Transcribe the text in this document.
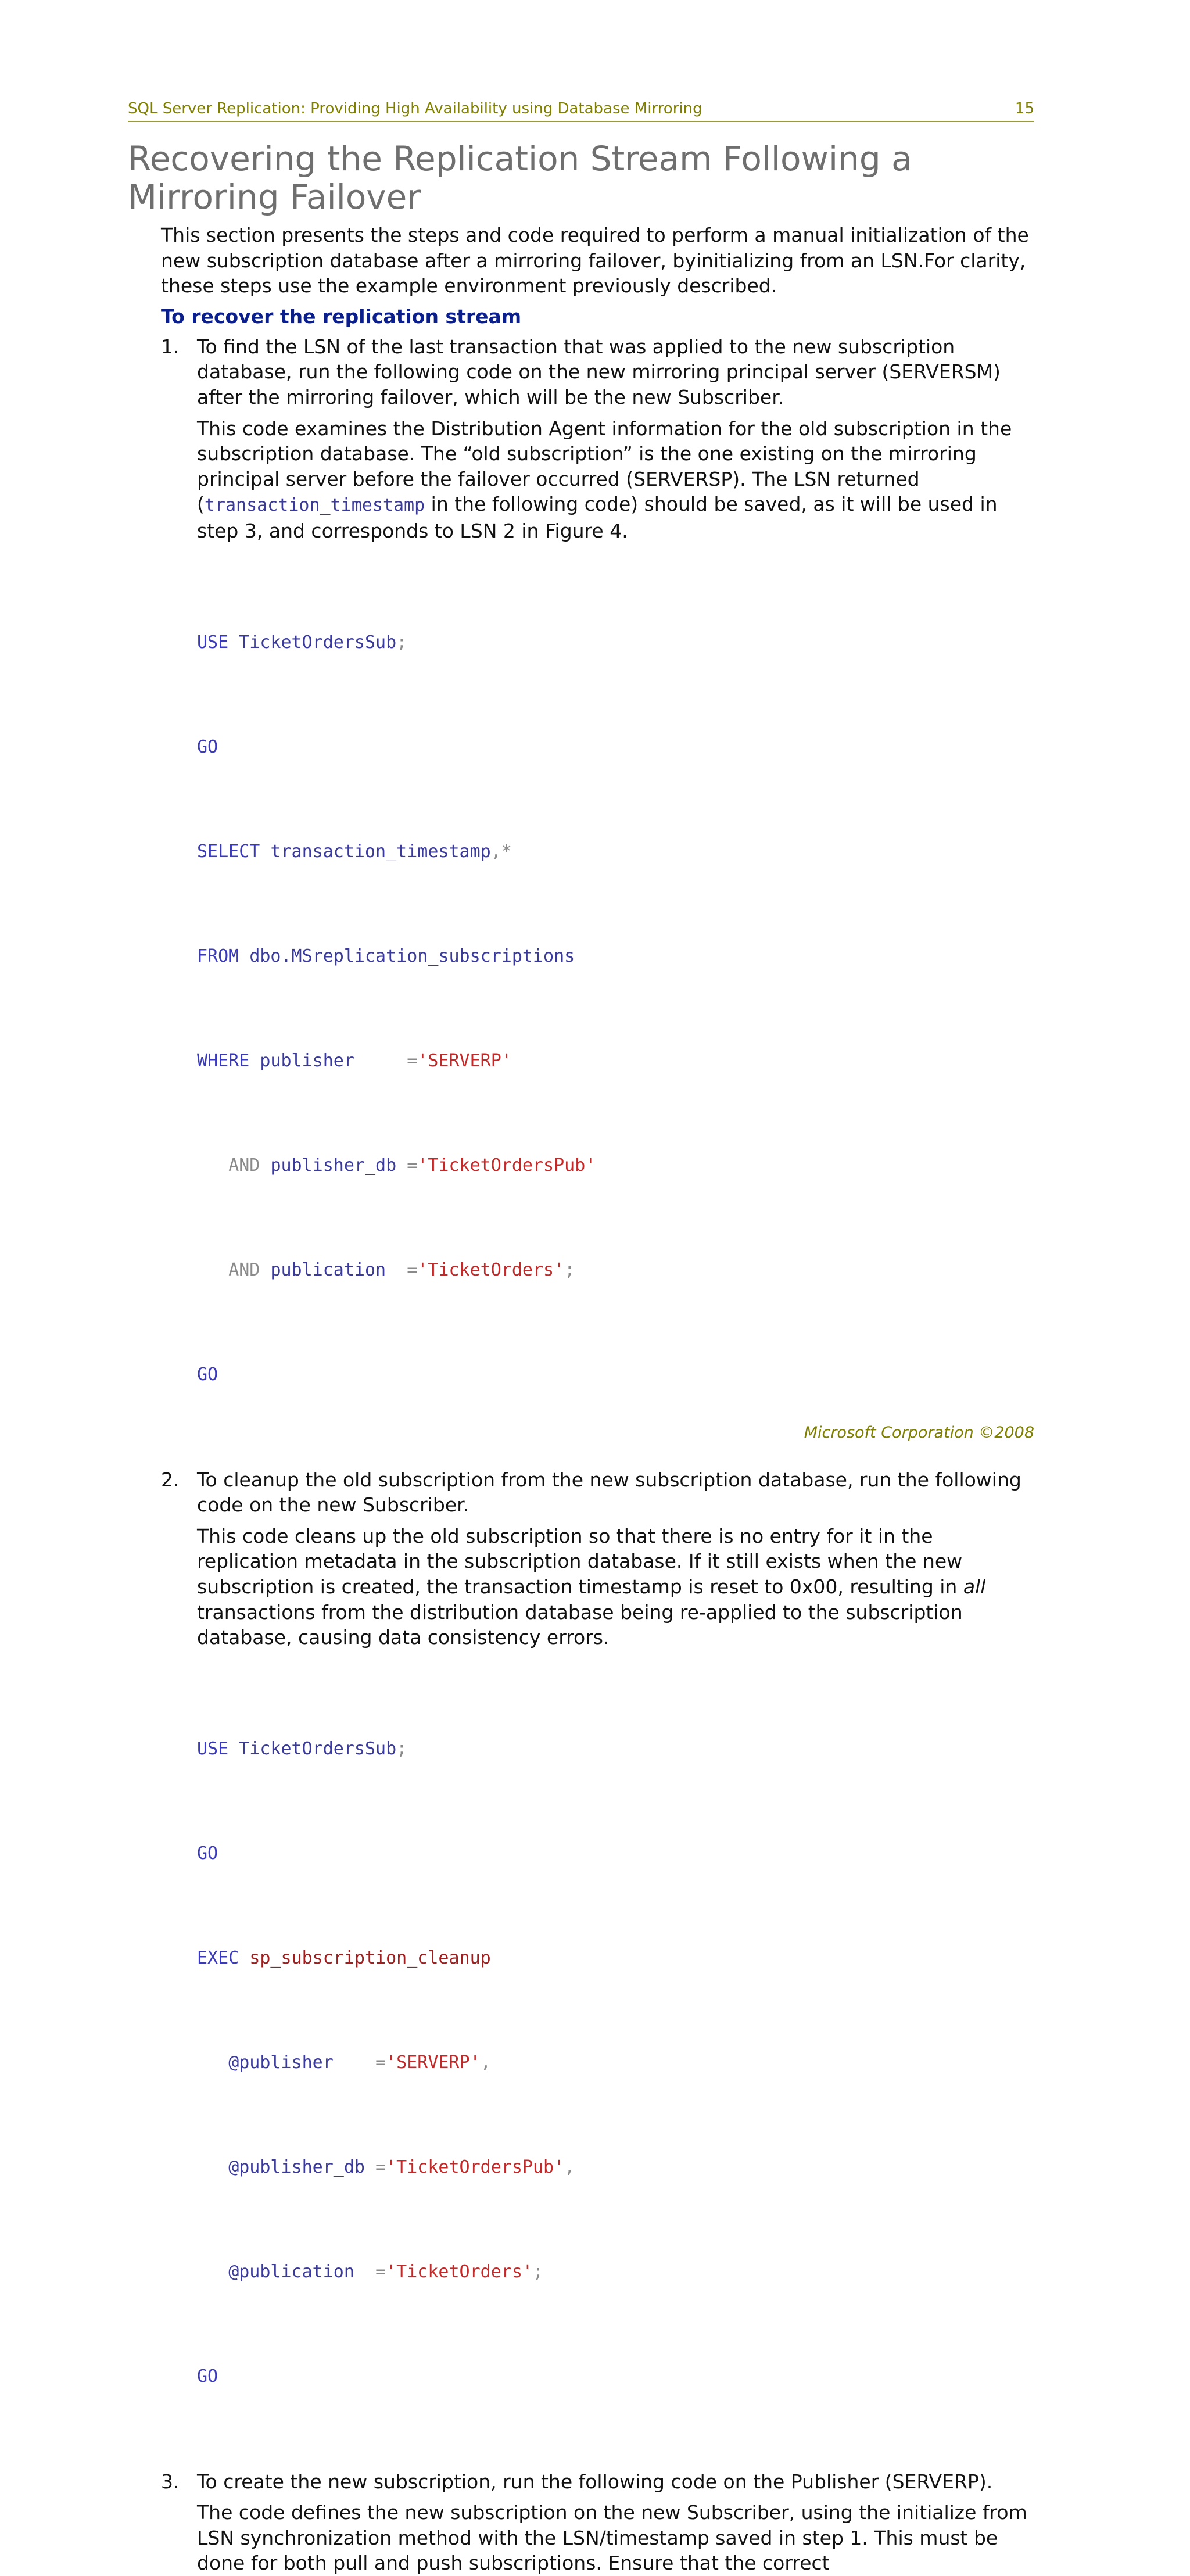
SQL Server Replication: Providing High Availability using Database Mirroring	15
Recovering the Replication Stream Following a
Mirroring Failover

This section presents the steps and code required to perform a manual initialization of the new subscription database after a mirroring failover, byinitializing from an LSN.For clarity, these steps use the example environment previously described.

To recover the replication stream

1. To find the LSN of the last transaction that was applied to the new subscription database, run the following code on the new mirroring principal server (SERVERSM) after the mirroring failover, which will be the new Subscriber.

This code examines the Distribution Agent information for the old subscription in the subscription database. The “old subscription” is the one existing on the mirroring principal server before the failover occurred (SERVERSP). The LSN returned (transaction_timestamp in the following code) should be saved, as it will be used in step 3, and corresponds to LSN 2 in Figure 4.

USE TicketOrdersSub;

GO

SELECT transaction_timestamp,*

FROM dbo.MSreplication_subscriptions

WHERE publisher	='SERVERP'

AND publisher_db ='TicketOrdersPub'

AND publication ='TicketOrders';

GO

2. To cleanup the old subscription from the new subscription database, run the following code on the new Subscriber.

This code cleans up the old subscription so that there is no entry for it in the replication metadata in the subscription database. If it still exists when the new subscription is created, the transaction timestamp is reset to 0x00, resulting in all transactions from the distribution database being re-applied to the subscription database, causing data consistency errors.

USE TicketOrdersSub;

GO

EXEC sp_subscription_cleanup

@publisher ='SERVERP',

@publisher_db ='TicketOrdersPub',

@publication ='TicketOrders';

GO

3. To create the new subscription, run the following code on the Publisher (SERVERP).

The code defines the new subscription on the new Subscriber, using the initialize from LSN synchronization method with the LSN/timestamp saved in step 1. This must be done for both pull and push subscriptions. Ensure that the correct

Microsoft Corporation ©2008
